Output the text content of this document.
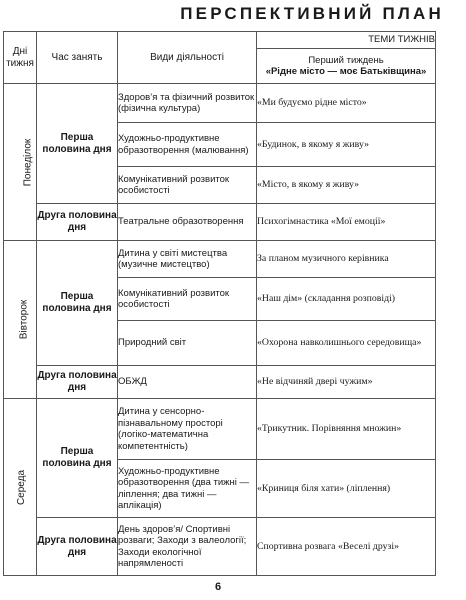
ПЕРСПЕКТИВНИЙ ПЛАН
Дні тижня	Час занять	Види діяльності	ТЕМИ ТИЖНІВ

			Перший тиждень
«Рідне місто — моє Батьківщина»

Понеділок	Перша половина дня	Здоров’я та фізичний розвиток (фізична культура)	«Ми будуємо рідне місто»
		Художньо-продуктивне образотворення (малювання)	«Будинок, в якому я живу»
		Комунікативний розвиток особистості	«Місто, в якому я живу»
	Друга половина дня	Театральне образотворення	Психогімнастика «Мої емоції»
Вівторок	Перша половина дня	Дитина у світі мистецтва (музичне мистецтво)	За планом музичного керівника
		Комунікативний розвиток особистості	«Наш дім» (складання розповіді)
		Природний світ	«Охорона навколишнього середовища»
	Друга половина дня	ОБЖД	«Не відчиняй двері чужим»
Середа	Перша половина дня	Дитина у сенсорно-пізнавальному просторі (логіко-математична компетентність)	«Трикутник. Порівняння множин»
		Художньо-продуктивне образотворення (два тижні — ліплення; два тижні — аплікація)	«Криниця біля хати» (ліплення)
	Друга половина дня	День здоров’я/ Спортивні розваги; Заходи з валеології; Заходи екологічної напрямленості	Спортивна розвага «Веселі друзі»
6
